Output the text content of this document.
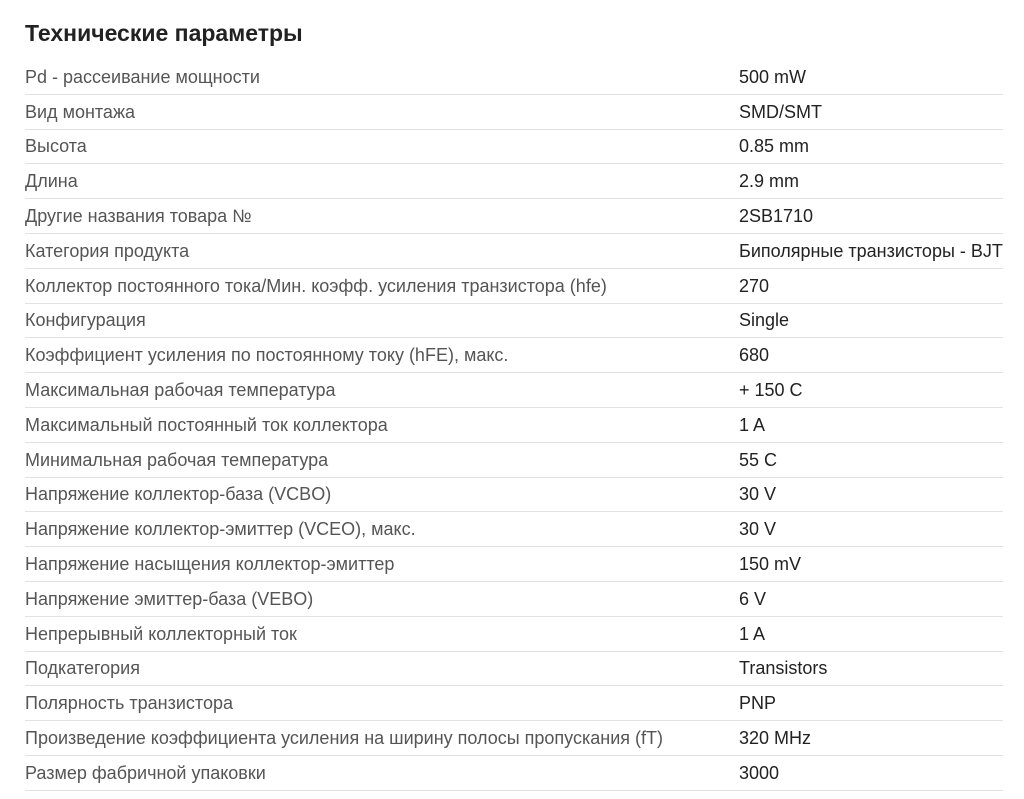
Технические параметры
Pd - рассеивание мощности	500 mW
Вид монтажа	SMD/SMT
Высота	0.85 mm
Длина	2.9 mm
Другие названия товара №	2SB1710
Категория продукта	Биполярные транзисторы - BJT
Коллектор постоянного тока/Мин. коэфф. усиления транзистора (hfe)	270
Конфигурация	Single
Коэффициент усиления по постоянному току (hFE), макс.	680
Максимальная рабочая температура	+ 150 C
Максимальный постоянный ток коллектора	1 A
Минимальная рабочая температура	55 C
Напряжение коллектор-база (VCBO)	30 V
Напряжение коллектор-эмиттер (VCEO), макс.	30 V
Напряжение насыщения коллектор-эмиттер	150 mV
Напряжение эмиттер-база (VEBO)	6 V
Непрерывный коллекторный ток	1 A
Подкатегория	Transistors
Полярность транзистора	PNP
Произведение коэффициента усиления на ширину полосы пропускания (fT)	320 MHz
Размер фабричной упаковки	3000
